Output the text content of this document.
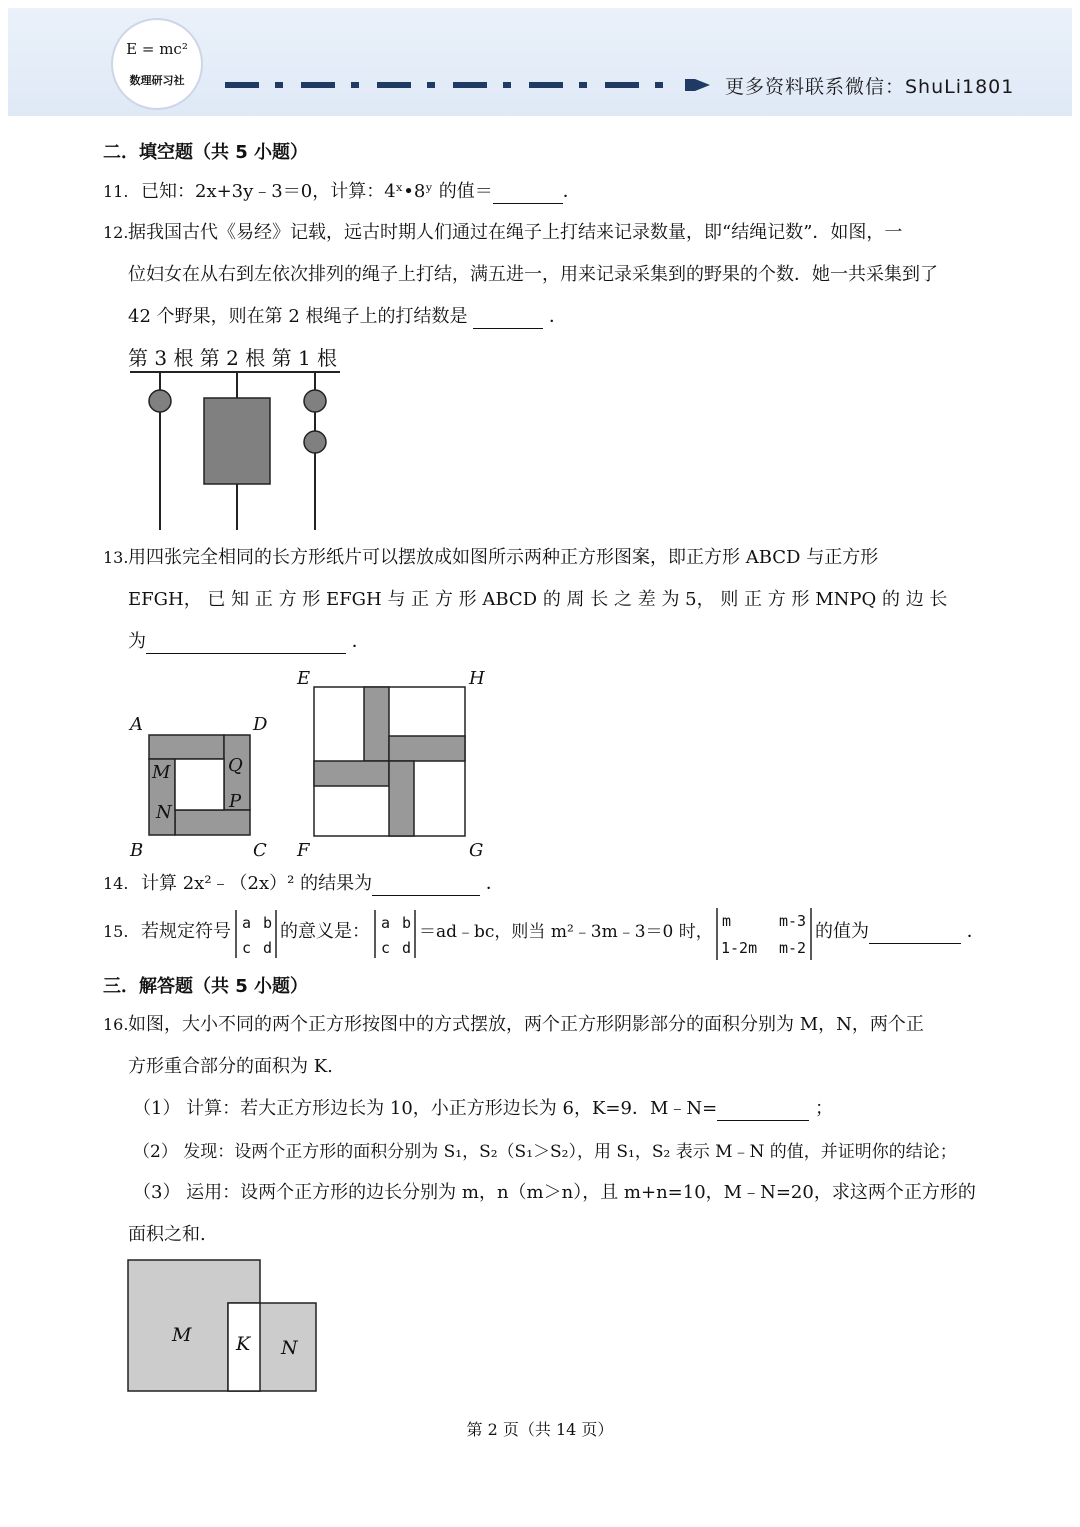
E = mc²
数理研习社	更多资料联系微信：ShuLi1801
二．填空题（共 5 小题）
11. 已知：2x+3y﹣3＝0，计算：4ˣ•8ʸ 的值＝	．
12. 据我国古代《易经》记载，远古时期人们通过在绳子上打结来记录数量，即“结绳记数”．如图，一
位妇女在从右到左依次排列的绳子上打结，满五进一，用来记录采集到的野果的个数．她一共采集到了
42 个野果，则在第 2 根绳子上的打结数是	．
第 3 根 第 2 根 第 1 根
13. 用四张完全相同的长方形纸片可以摆放成如图所示两种正方形图案，即正方形 ABCD 与正方形
EFGH， 已 知 正 方 形 EFGH 与 正 方 形 ABCD 的 周 长 之 差 为 5， 则 正 方 形 MNPQ 的 边 长
为	．
A	D
B	C
M
N
Q
P
E	H
F	G
14. 计算 2x²﹣（2x）² 的结果为	．
15. 若规定符号 a b
c d
的意义是： a b
c d
＝ad﹣bc，则当 m²﹣3m﹣3＝0 时，
m	m-3
1-2m m-2
的值为	．
三．解答题（共 5 小题）
16. 如图，大小不同的两个正方形按图中的方式摆放，两个正方形阴影部分的面积分别为 M，N，两个正
方形重合部分的面积为 K.
（1） 计算：若大正方形边长为 10，小正方形边长为 6，K=9．M﹣N=	；
（2） 发现：设两个正方形的面积分别为 S₁，S₂（S₁＞S₂），用 S₁，S₂ 表示 M﹣N 的值，并证明你的结论；
（3） 运用：设两个正方形的边长分别为 m，n（m＞n），且 m+n=10，M﹣N=20，求这两个正方形的
面积之和.
M K N
第 2 页（共 14 页）
